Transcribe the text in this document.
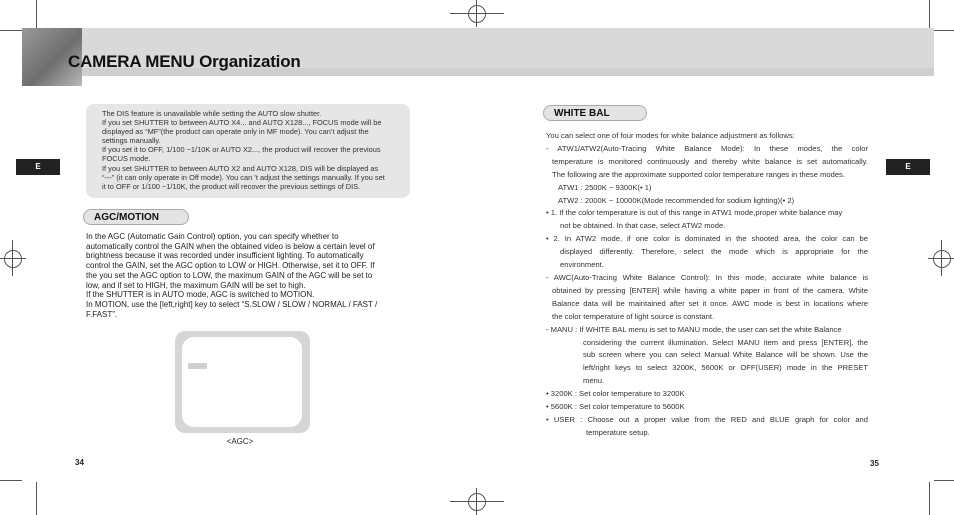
CAMERA MENU Organization
E	E
The DIS feature is unavailable while setting the AUTO slow shutter.
If you set SHUTTER to between AUTO X4... and AUTO X128..., FOCUS mode will be
displayed as “MF”(the product can operate only in MF mode). You can’t adjust the
settings manually.
If you set it to OFF, 1/100 ~1/10K or AUTO X2..., the product will recover the previous
FOCUS mode.
If you set SHUTTER to between AUTO X2 and AUTO X128, DIS will be displayed as
“---” (it can only operate in Off mode). You can ’t adjust the settings manually. If you set
it to OFF or 1/100 ~1/10K, the product will recover the previous settings of DIS.
AGC/MOTION
In the AGC (Automatic Gain Control) option, you can specify whether to
automatically control the GAIN when the obtained video is below a certain level of
brightness because it was recorded under insufficient lighting. To automatically
control the GAIN, set the AGC option to LOW or HIGH. Otherwise, set it to OFF. If
the you set the AGC option to LOW, the maximum GAIN of the AGC will be set to
low, and if set to HIGH, the maximum GAIN will be set to high.
If the SHUTTER is in AUTO mode, AGC is switched to MOTION.
In MOTION, use the [left,right] key to select “S.SLOW / SLOW / NORMAL / FAST /
F.FAST”.
<AGC>
34	35
WHITE BAL

You can select one of four modes for white balance adjustment as follows:

- ATW1/ATW2(Auto-Tracing White Balance Mode): In these modes, the color

temperature is monitored continuously and thereby white balance is set automatically.

The following are the approximate supported color temperature ranges in these modes.

ATW1 : 2500K ~ 9300K(• 1)

ATW2 : 2000K ~ 10000K(Mode recommended for sodium lighting)(• 2)

• 1. If the color temperature is out of this range in ATW1 mode,proper white balance may

not be obtained. In that case, select ATW2 mode.

• 2. In ATW2 mode, if one color is dominated in the shooted area, the color can be

displayed differently. Therefore, select the mode which is appropriate for the

environment.

- AWC(Auto-Tracing White Balance Control): In this mode, accurate white balance is

obtained by pressing [ENTER] while having a white paper in front of the camera. White

Balance data will be maintained after set it once. AWC mode is best in locations where

the color temperature of light source is constant.

- MANU : If WHITE BAL menu is set to MANU mode, the user can set the white Balance

considering the current illumination. Select MANU item and press [ENTER], the

sub screen where you can select Manual White Balance will be shown. Use the

left/right keys to select 3200K, 5600K or OFF(USER) mode in the PRESET

menu.

• 3200K : Set color temperature to 3200K

• 5600K : Set color temperature to 5600K

• USER : Choose out a proper value from the RED and BLUE graph for color and

temperature setup.
